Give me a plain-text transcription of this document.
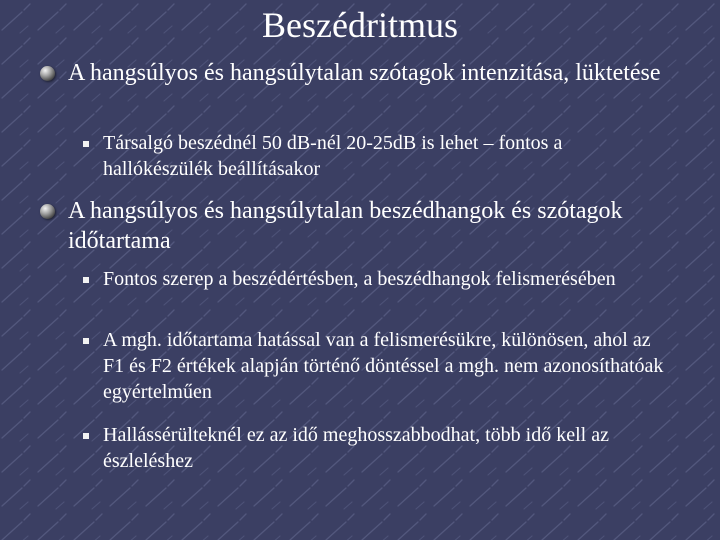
Beszédritmus

A hangsúlyos és hangsúlytalan szótagok intenzitása, lüktetése

Társalgó beszédnél 50 dB-nél 20-25dB is lehet – fontos a hallókészülék beállításakor

A hangsúlyos és hangsúlytalan beszédhangok és szótagok időtartama

Fontos szerep a beszédértésben, a beszédhangok felismerésében

A mgh. időtartama hatással van a felismerésükre, különösen, ahol az F1 és F2 értékek alapján történő döntéssel a mgh. nem azonosíthatóak egyértelműen

Hallássérülteknél ez az idő meghosszabbodhat, több idő kell az észleléshez
